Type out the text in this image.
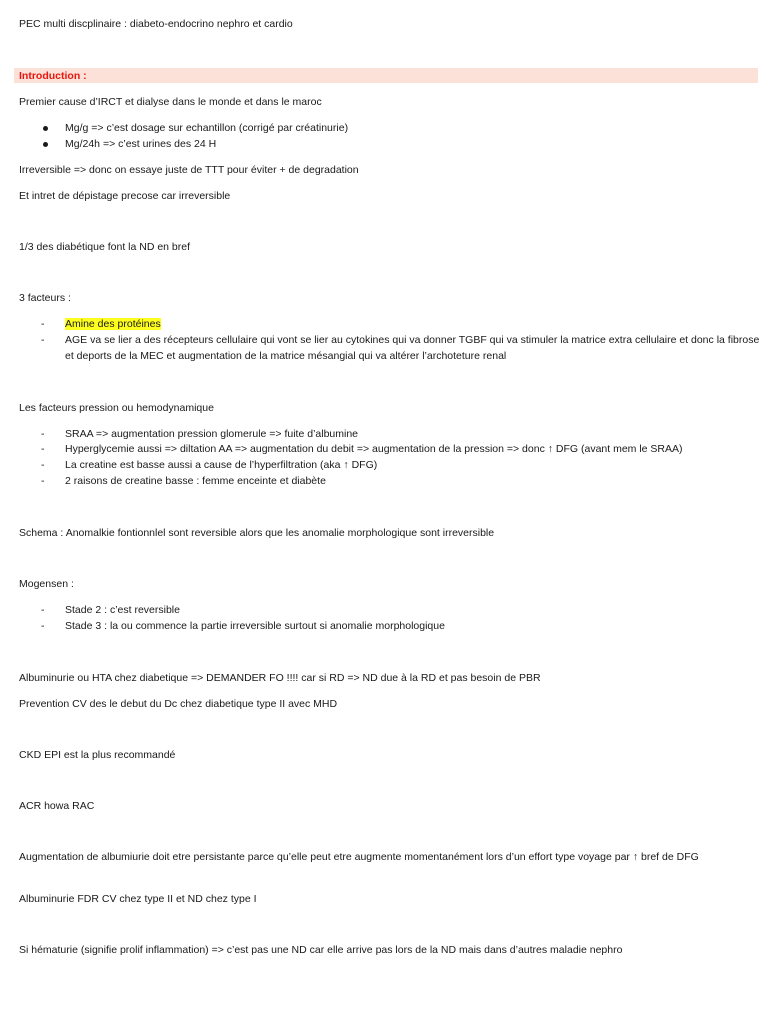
PEC multi discplinaire : diabeto-endocrino nephro et cardio
Introduction :
Premier cause d’IRCT et dialyse dans le monde et dans le maroc
Mg/g => c’est dosage sur echantillon (corrigé par créatinurie)
Mg/24h => c’est urines des 24 H
Irreversible => donc on essaye juste de TTT pour éviter + de degradation
Et intret de dépistage precose car irreversible
1/3 des diabétique font la ND en bref
3 facteurs :
- Amine des protéines
- AGE va se lier a des récepteurs cellulaire qui vont se lier au cytokines qui va donner TGBF qui va stimuler la matrice extra cellulaire et donc la fibrose et deports de la MEC et augmentation de la matrice mésangial qui va altérer l’archoteture renal
Les facteurs pression ou hemodynamique
- SRAA => augmentation pression glomerule => fuite d’albumine
- Hyperglycemie aussi => diltation AA => augmentation du debit => augmentation de la pression => donc ↑ DFG (avant mem le SRAA)
- La creatine est basse aussi a cause de l’hyperfiltration (aka ↑ DFG)
- 2 raisons de creatine basse : femme enceinte et diabète
Schema : Anomalkie fontionnlel sont reversible alors que les anomalie morphologique sont irreversible
Mogensen :
- Stade 2 : c’est reversible
- Stade 3 : la ou commence la partie irreversible surtout si anomalie morphologique
Albuminurie ou HTA chez diabetique => DEMANDER FO !!!! car si RD => ND due à la RD et pas besoin de PBR
Prevention CV des le debut du Dc chez diabetique type II avec MHD
CKD EPI est la plus recommandé
ACR howa RAC
Augmentation de albumiurie doit etre persistante parce qu’elle peut etre augmente momentanément lors d’un effort type voyage par ↑ bref de DFG
Albuminurie FDR CV chez type II et ND chez type I
Si hématurie (signifie prolif inflammation) => c’est pas une ND car elle arrive pas lors de la ND mais dans d’autres maladie nephro
